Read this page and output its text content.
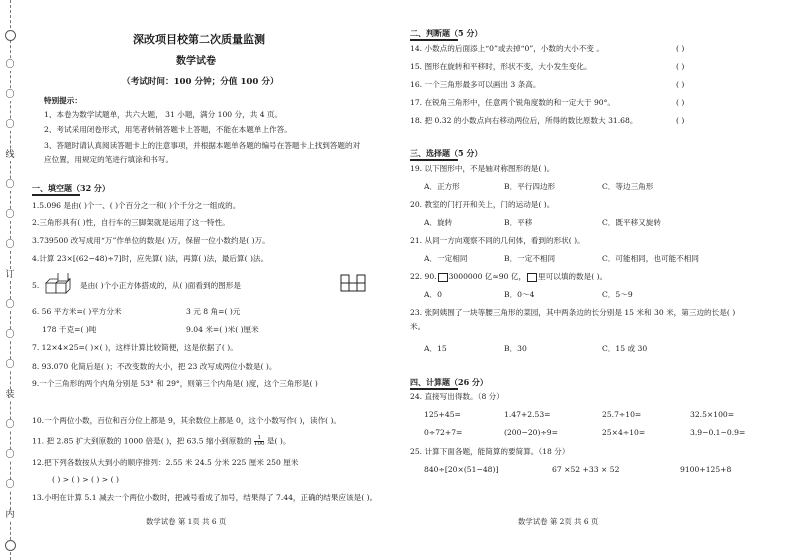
〇
〇
〇
线
〇
〇
〇
订
〇
〇
〇
装
〇
〇
〇
内
深改项目校第二次质量监测
数学试卷
（考试时间：100 分钟；分值 100 分）
特别提示：
1、本卷为数学试题单，共六大题， 31 小题，满分 100 分，共 4 页。
2、考试采用闭卷形式，用笔者转销答题卡上答题，不能在本题单上作答。
3、答题时请认真阅读答题卡上的注意事项，并根据本题单各题的编号在答题卡上找到答题的对
应位置，用规定的笔进行填涂和书写。
一、填空题（32 分）
1.5.096 是由( )个一、( )个百分之一和( )个千分之一组成的。
2.三角形具有( )性，自行车的三脚架就是运用了这一特性。
3.739500 改写成用“万”作单位的数是( )万，保留一位小数约是( )万。
4.计算 23×[(62−48)÷7]时，应先算( )法，再算( )法，最后算( )法。
5.	是由( )个小正方体搭成的，从( )面看到的图形是
6. 56 平方米=( )平方分米	3 元 8 角=( )元
178 千克=( )吨	9.04 米=( )米( )厘米
7. 12×4×25=( )×( )，这样计算比较简便，这是依据了( )。
8. 93.070 化简后是( )；不改变数的大小，把 23 改写成两位小数是( )。
9.一个三角形的两个内角分别是 53° 和 29°，则第三个内角是( )度，这个三角形是( )
10.一个两位小数，百位和百分位上都是 9，其余数位上都是 0，这个小数写作( )，读作( )。
11. 把 2.85 扩大到原数的 1000 倍是( )，把 63.5 缩小到原数的 $\frac{1}{100}$ 是( )。
12.把下列各数按从大到小的顺序排列：2.55 米 24.5 分米 225 厘米 250 厘米
( ) > ( ) > ( ) > ( )
13.小明在计算 5.1 减去一个两位小数时，把减号看成了加号，结果得了 7.44，正确的结果应该是( )。
数学试卷 第 1页 共 6 页
二、判断题（5 分）
14. 小数点的后面添上“0”或去掉“0”，小数的大小不变 。	( )
15. 图形在旋转和平移时，形状不变，大小发生变化。	( )
16. 一个三角形最多可以画出 3 条高。	( )
17. 在锐角三角形中，任意两个锐角度数的和一定大于 90°。	( )
18. 把 0.32 的小数点向右移动两位后，所得的数比原数大 31.68。	( )
三、选择题（5 分）
19. 以下图形中，不是轴对称图形的是( )。
A．正方形	B．平行四边形	C．等边三角形
20. 教室的门打开和关上，门的运动是( )。
A．旋转	B．平移	C．既平移又旋转
21. 从同一方向观察不同的几何体，看到的形状( )。
A．一定相同	B．一定不相同	C．可能相同，也可能不相同
22. 90. 3000000 亿≈90 亿， 里可以填的数是( )。
A．0	B．0～4	C．5～9
23. 张阿姨围了一块等腰三角形的菜园，其中两条边的长分别是 15 米和 30 米，第三边的长是( )
米。
A．15	B．30	C．15 或 30
四、计算题（26 分）
24. 直接写出得数。（8 分）
125+45=	1.47+2.53=	25.7÷10=	32.5×100=
0÷72+7=	(200−20)÷9=	25×4÷10=	3.9−0.1−0.9=
25. 计算下面各题，能简算的要简算。（18 分）
840÷[20×(51−48)]	67 ×52 +33 × 52	9100+125+8
数学试卷 第 2页 共 6 页
